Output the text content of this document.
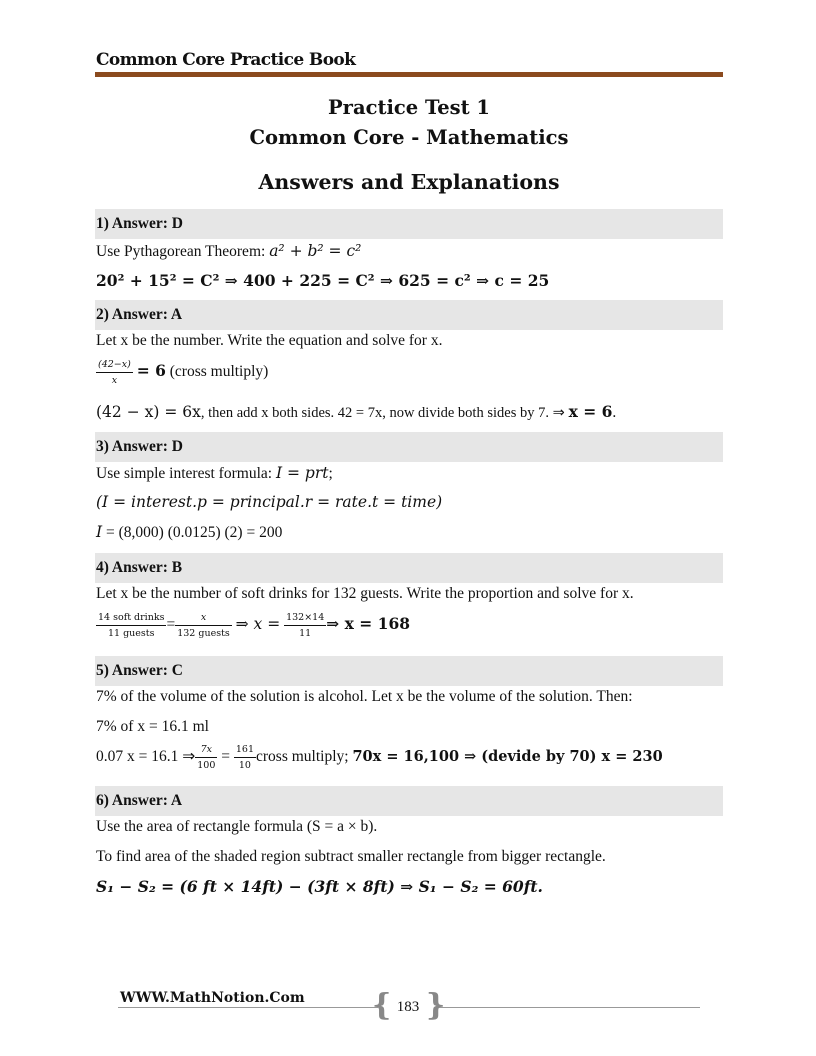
Common Core Practice Book
Practice Test 1
Common Core - Mathematics
Answers and Explanations
1) Answer: D
Use Pythagorean Theorem: a² + b² = c²
20² + 15² = C² ⇒ 400 + 225 = C² ⇒ 625 = c² ⇒ c = 25
2) Answer: A
Let x be the number. Write the equation and solve for x.
$\frac{(42-x)}{x} = 6$ (cross multiply)
(42 − x) = 6x, then add x both sides. 42 = 7x, now divide both sides by 7. ⇒ x = 6.
3) Answer: D
Use simple interest formula: I = prt;
(I = interest.p = principal.r = rate.t = time)
I = (8,000) (0.0125) (2) = 200
4) Answer: B
Let x be the number of soft drinks for 132 guests. Write the proportion and solve for x.
$\frac{\text{14 soft drinks}}{\text{11 guests}} = \frac{x}{\text{132 guests}}$ ⇒ $x = \frac{132\times 14}{11}$ ⇒ x = 168
5) Answer: C
7% of the volume of the solution is alcohol. Let x be the volume of the solution. Then:
7% of x = 16.1 ml
0.07 x = 16.1 ⇒ $\frac{7x}{100} = \frac{161}{10}$ cross multiply; 70x = 16,100 ⇒ (devide by 70) x = 230
6) Answer: A
Use the area of rectangle formula (S = a × b).
To find area of the shaded region subtract smaller rectangle from bigger rectangle.
S₁ − S₂ = (6 ft × 14ft) − (3ft × 8ft) ⇒ S₁ − S₂ = 60ft.
WWW.MathNotion.Com
183
{ }
